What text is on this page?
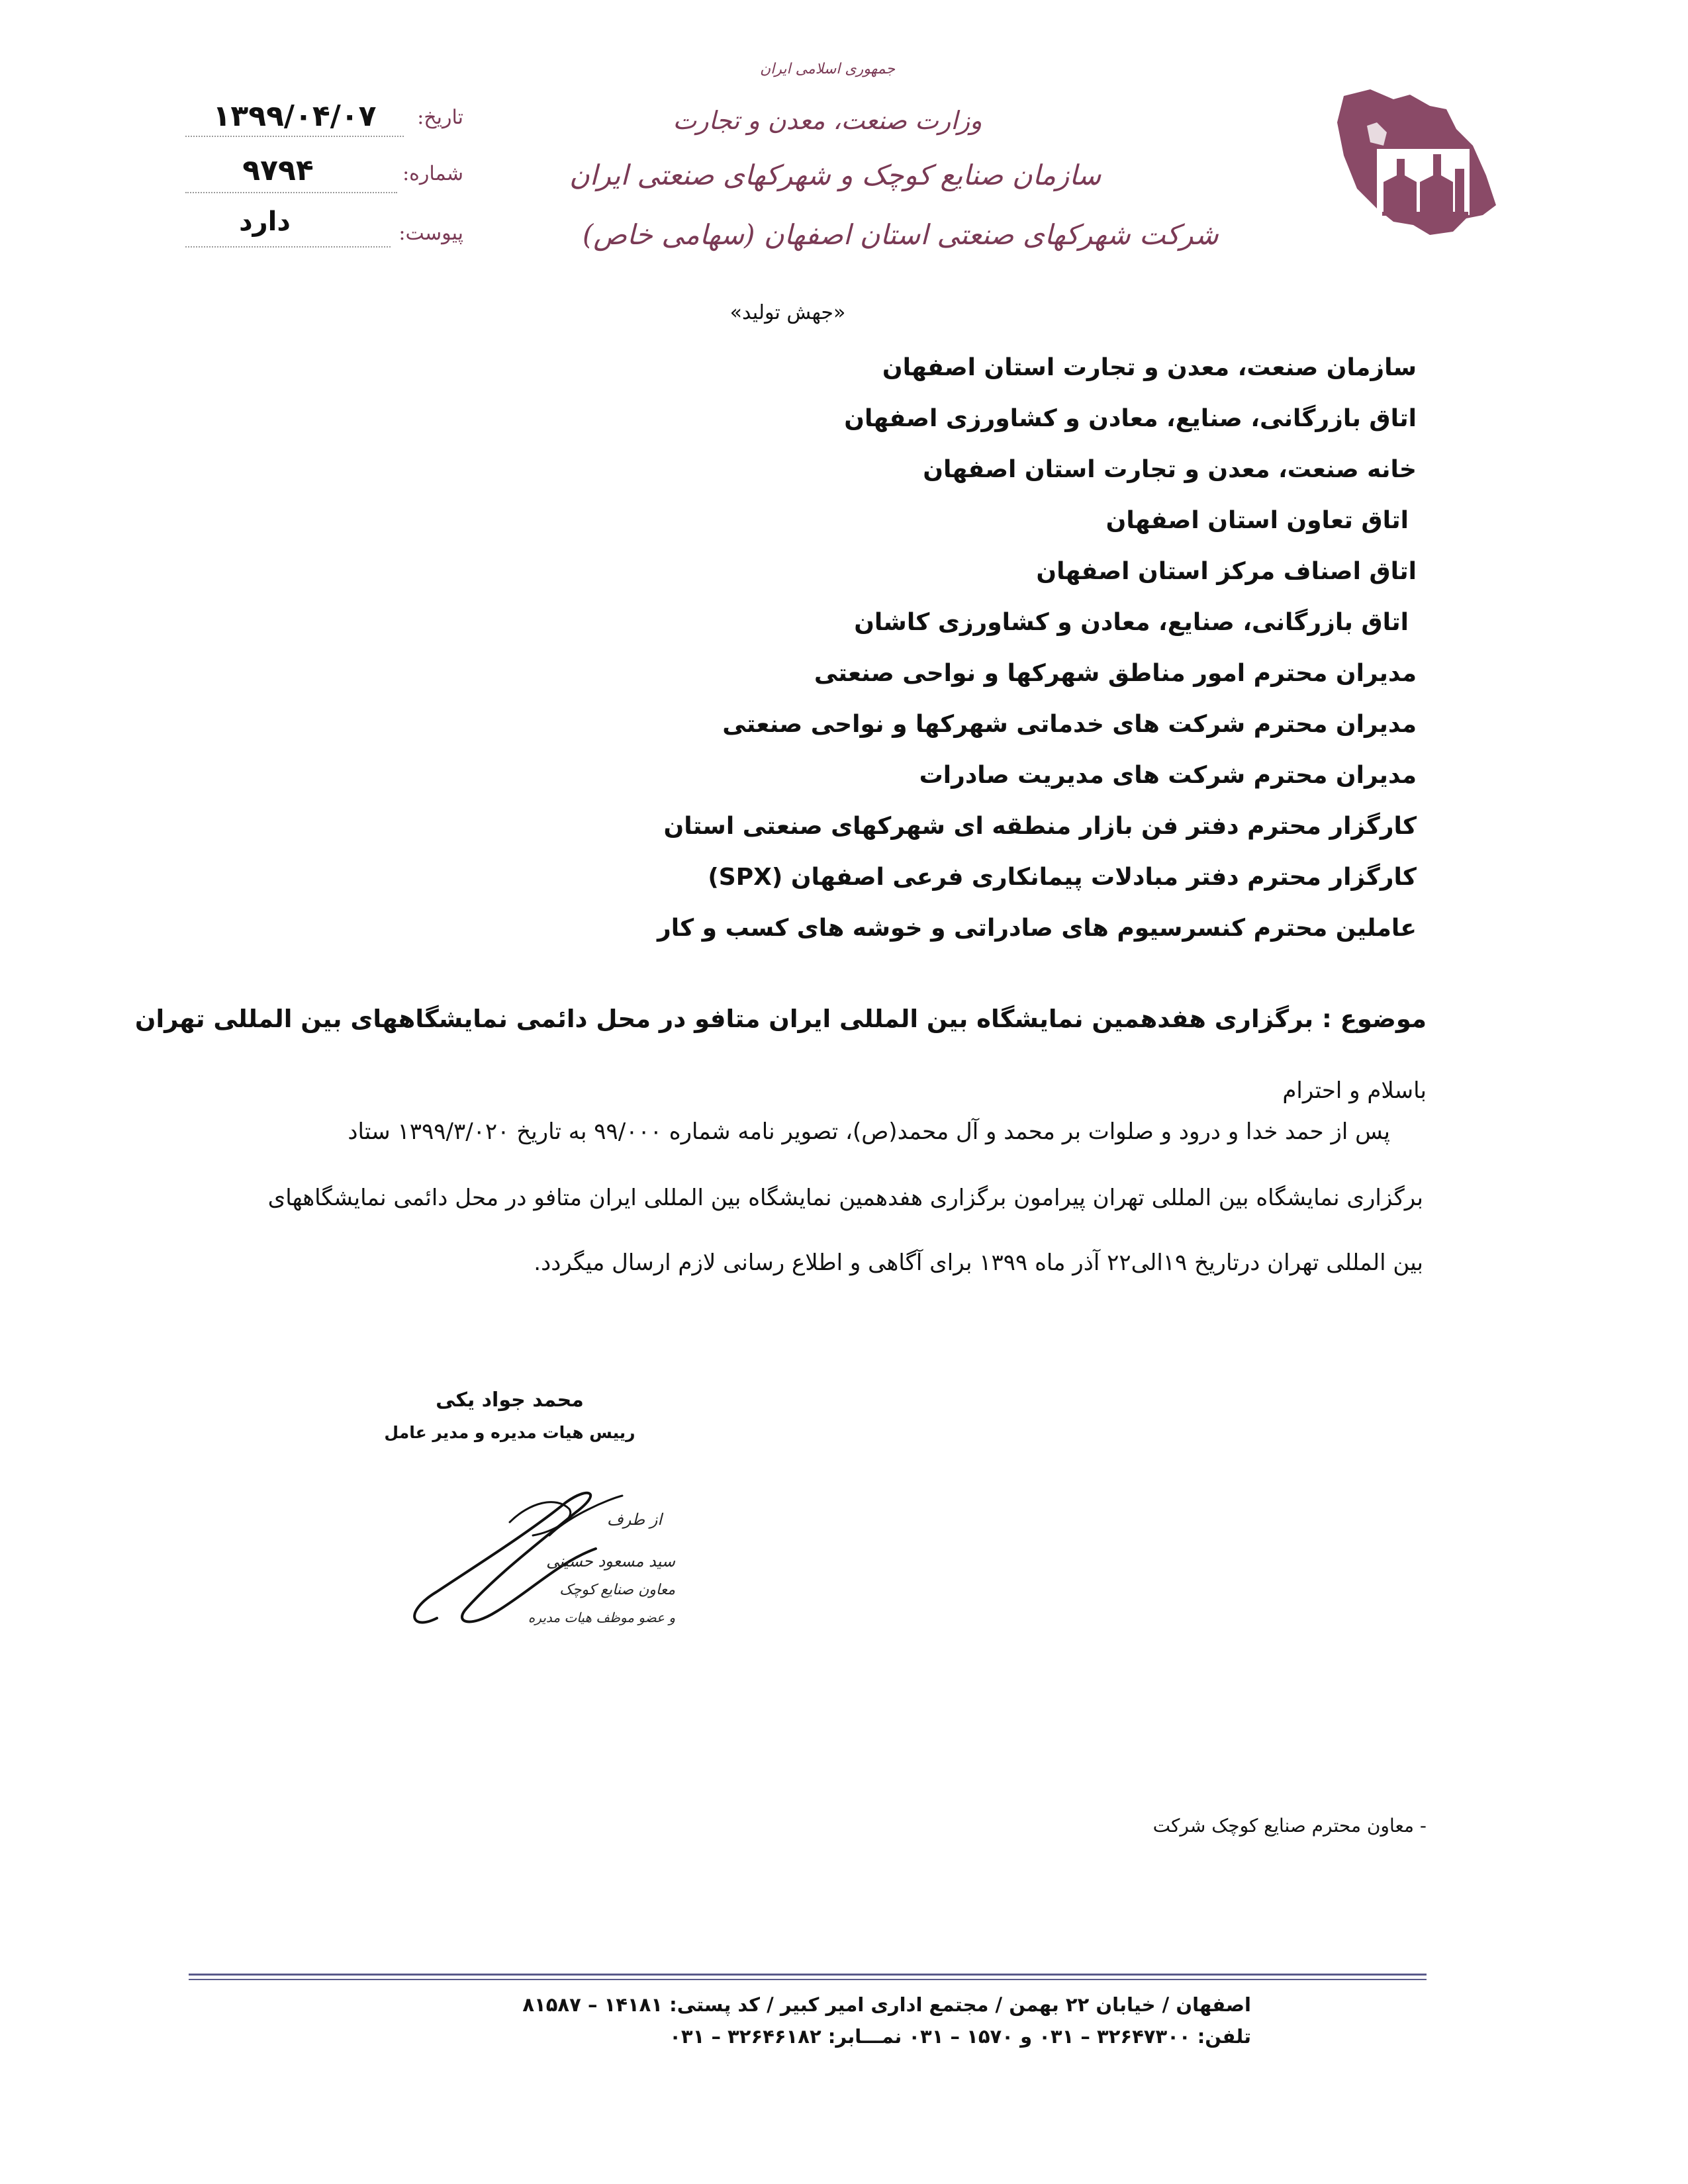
تاریخ:
۱۳۹۹/۰۴/۰۷
شماره:
۹۷۹۴
پیوست:
دارد
جمهوری اسلامی ایران
وزارت صنعت، معدن و تجارت
سازمان صنایع کوچک و شهرکهای صنعتی ایران
شرکت شهرکهای صنعتی استان اصفهان (سهامی خاص)
«جهش تولید»
سازمان صنعت، معدن و تجارت استان اصفهان
اتاق بازرگانی، صنایع، معادن و کشاورزی اصفهان
خانه صنعت، معدن و تجارت استان اصفهان
اتاق تعاون استان اصفهان
اتاق اصناف مرکز استان اصفهان
اتاق بازرگانی، صنایع، معادن و کشاورزی کاشان
مدیران محترم امور مناطق شهرکها و نواحی صنعتی
مدیران محترم شرکت های خدماتی شهرکها و نواحی صنعتی
مدیران محترم شرکت های مدیریت صادرات
کارگزار محترم دفتر فن بازار منطقه ای شهرکهای صنعتی استان
کارگزار محترم دفتر مبادلات پیمانکاری فرعی اصفهان (SPX)
عاملین محترم کنسرسیوم های صادراتی و خوشه های کسب و کار
موضوع : برگزاری هفدهمین نمایشگاه بین المللی ایران متافو در محل دائمی نمایشگاههای بین المللی تهران
باسلام و احترام
پس از حمد خدا و درود و صلوات بر محمد و آل محمد(ص)، تصویر نامه شماره ۹۹/۰۰۰ به تاریخ ۱۳۹۹/۳/۰۲۰ ستاد
برگزاری نمایشگاه بین المللی تهران پیرامون برگزاری هفدهمین نمایشگاه بین المللی ایران متافو در محل دائمی نمایشگاههای
بین المللی تهران درتاریخ ۱۹الی۲۲ آذر ماه ۱۳۹۹ برای آگاهی و اطلاع رسانی لازم ارسال میگردد.
محمد جواد یکی
رییس هیات مدیره و مدیر عامل
از طرف
سید مسعود حسینی
معاون صنایع کوچک
و عضو موظف هیات مدیره
- معاون محترم صنایع کوچک شرکت
اصفهان / خیابان ۲۲ بهمن / مجتمع اداری امیر کبیر / کد پستی: ۱۴۱۸۱ – ۸۱۵۸۷
تلفن: ۳۲۶۴۷۳۰۰ – ۰۳۱ و ۱۵۷۰ – ۰۳۱ نمـــابر: ۳۲۶۴۶۱۸۲ – ۰۳۱
